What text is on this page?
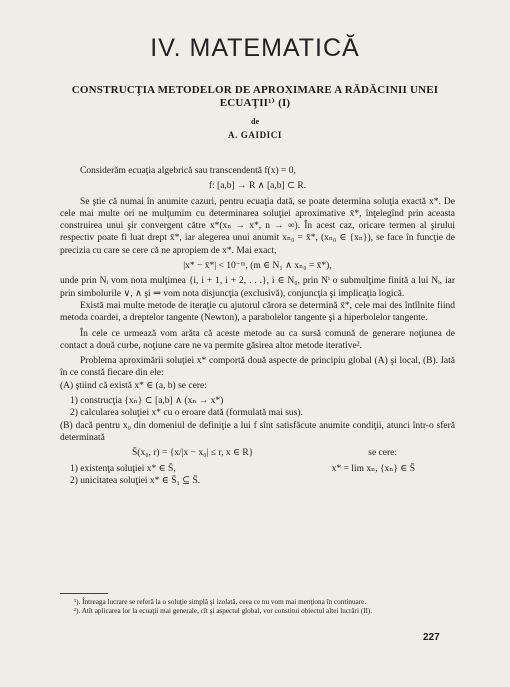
IV. MATEMATICĂ
CONSTRUCŢIA METODELOR DE APROXIMARE A RĂDĂCINII UNEI ECUAŢII¹⁾ (I)
de
A. GAIDICI

Considerăm ecuaţia algebrică sau transcendentă f(x) = 0,

f: [a,b] → R ∧ [a,b] ⊂ R.

Se ştie că numai în anumite cazuri, pentru ecuaţia dată, se poate determina soluţia exactă x*. De cele mai multe ori ne mulţumim cu determinarea soluţiei aproximative x̄*, înţelegînd prin aceasta construirea unui şir convergent către x*(xₙ → x*, n → ∞). În acest caz, oricare termen al şirului respectiv poate fi luat drept x̄*, iar alegerea unui anumit xₙ₀ = x̄*, (xₙ₀ ∈ {xₙ}), se face în funcţie de precizia cu care se cere că ne apropiem de x*. Mai exact,

|x* − x̄*| < 10⁻ᵐ, (m ∈ N₁ ∧ xₙ₀ = x̄*),

unde prin Nᵢ vom nota mulţimea {i, i + 1, i + 2, . . .}, i ∈ N₀, prin Nⁱ o submulţime finită a lui Nᵢ, iar prin simbolurile ∨, ∧ şi ⇒ vom nota disjuncţia (exclusivă), conjuncţia şi implicaţia logică.

Există mai multe metode de iteraţie cu ajutorul cărora se determină x̄*, cele mai des întîlnite fiind metoda coardei, a dreptelor tangente (Newton), a parabolelor tangente şi a hiperbolelor tangente.

În cele ce urmează vom arăta că aceste metode au ca sursă comună de generare noţiunea de contact a două curbe, noţiune care ne va permite găsirea altor metode iterative².

Problema aproximării soluţiei x* comportă două aspecte de principiu global (A) şi local, (B). Iată în ce constă fiecare din ele:

(A) ştiind că există x* ∈ (a, b) se cere:

1) construcţia {xₙ} ⊂ [a,b] ∧ (xₙ → x*)

2) calcularea soluţiei x* cu o eroare dată (formulată mai sus).

(B) dacă pentru x₀ din domeniul de definiţie a lui f sînt satisfăcute anumite condiţii, atunci într-o sferă determinată

S̄(x₀, r) = {x/|x − x₀| ≤ r, x ∈ R}	se cere:
1) existenţa soluţiei x* ∈ S̄,	x* = lim xₙ, {xₙ} ∈ S̄

2) unicitatea soluţiei x* ∈ S̄₁ ⊆ S̄.

¹). Întreaga lucrare se referă la o soluţie simplă şi izolată, ceea ce nu vom mai menţiona în continuare.

²). Atît aplicarea lor la ecuaţii mai generale, cît şi aspectul global, vor constitui obiectul altei lucrări (II).

227
